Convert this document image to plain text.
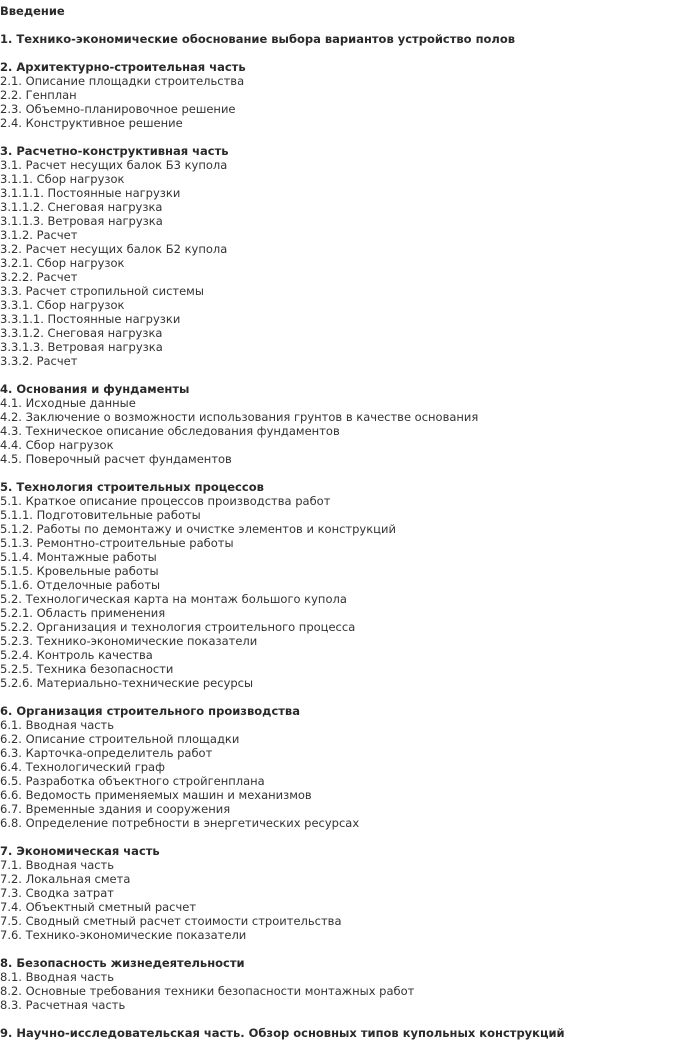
Введение
1. Технико-экономические обоснование выбора вариантов устройство полов
2. Архитектурно-строительная часть
2.1. Описание площадки строительства
2.2. Генплан
2.3. Объемно-планировочное решение
2.4. Конструктивное решение
3. Расчетно-конструктивная часть
3.1. Расчет несущих балок Б3 купола
3.1.1. Сбор нагрузок
3.1.1.1. Постоянные нагрузки
3.1.1.2. Снеговая нагрузка
3.1.1.3. Ветровая нагрузка
3.1.2. Расчет
3.2. Расчет несущих балок Б2 купола
3.2.1. Сбор нагрузок
3.2.2. Расчет
3.3. Расчет стропильной системы
3.3.1. Сбор нагрузок
3.3.1.1. Постоянные нагрузки
3.3.1.2. Снеговая нагрузка
3.3.1.3. Ветровая нагрузка
3.3.2. Расчет
4. Основания и фундаменты
4.1. Исходные данные
4.2. Заключение о возможности использования грунтов в качестве основания
4.3. Техническое описание обследования фундаментов
4.4. Сбор нагрузок
4.5. Поверочный расчет фундаментов
5. Технология строительных процессов
5.1. Краткое описание процессов производства работ
5.1.1. Подготовительные работы
5.1.2. Работы по демонтажу и очистке элементов и конструкций
5.1.3. Ремонтно-строительные работы
5.1.4. Монтажные работы
5.1.5. Кровельные работы
5.1.6. Отделочные работы
5.2. Технологическая карта на монтаж большого купола
5.2.1. Область применения
5.2.2. Организация и технология строительного процесса
5.2.3. Технико-экономические показатели
5.2.4. Контроль качества
5.2.5. Техника безопасности
5.2.6. Материально-технические ресурсы
6. Организация строительного производства
6.1. Вводная часть
6.2. Описание строительной площадки
6.3. Карточка-определитель работ
6.4. Технологический граф
6.5. Разработка объектного стройгенплана
6.6. Ведомость применяемых машин и механизмов
6.7. Временные здания и сооружения
6.8. Определение потребности в энергетических ресурсах
7. Экономическая часть
7.1. Вводная часть
7.2. Локальная смета
7.3. Сводка затрат
7.4. Объектный сметный расчет
7.5. Сводный сметный расчет стоимости строительства
7.6. Технико-экономические показатели
8. Безопасность жизнедеятельности
8.1. Вводная часть
8.2. Основные требования техники безопасности монтажных работ
8.3. Расчетная часть
9. Научно-исследовательская часть. Обзор основных типов купольных конструкций
